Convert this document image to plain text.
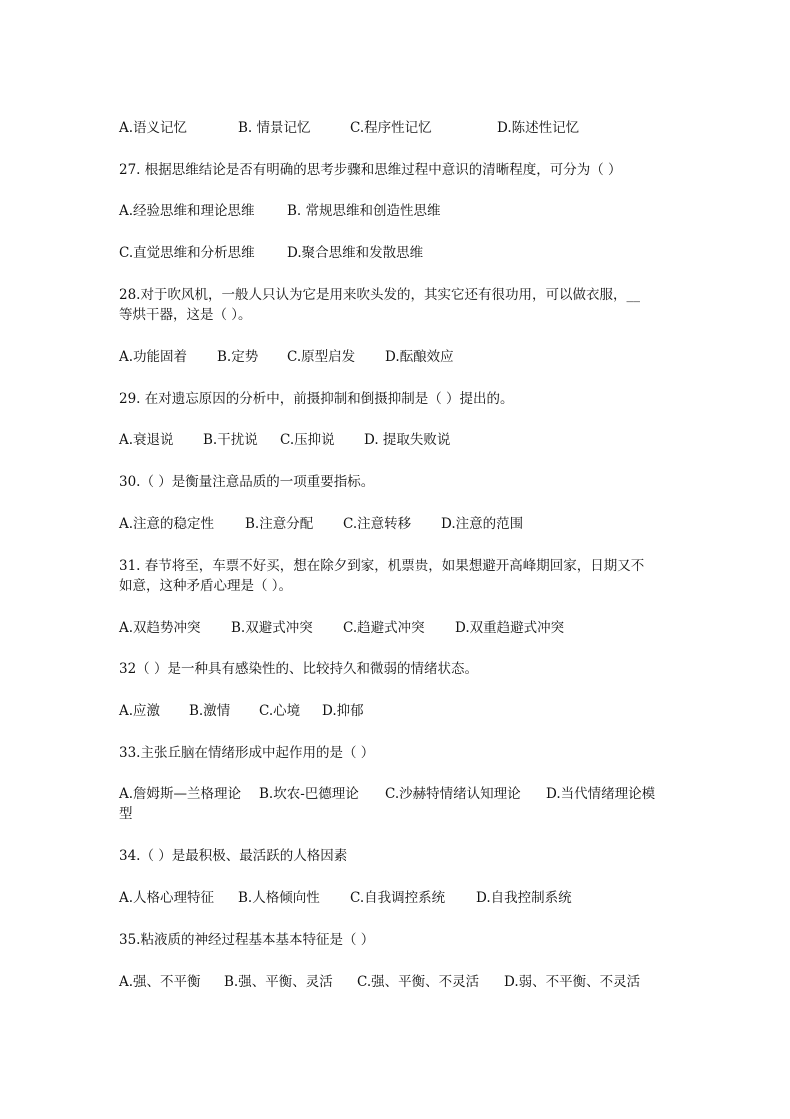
A.语义记忆	B. 情景记忆	C.程序性记忆	D.陈述性记忆
27. 根据思维结论是否有明确的思考步骤和思维过程中意识的清晰程度，可分为（ ）
A.经验思维和理论思维 B. 常规思维和创造性思维
C.直觉思维和分析思维 D.聚合思维和发散思维
28.对于吹风机，一般人只认为它是用来吹头发的，其实它还有很功用，可以做衣服，__
等烘干器，这是（ ）。
A.功能固着 B.定势 C.原型启发 D.酝酿效应
29. 在对遗忘原因的分析中，前摄抑制和倒摄抑制是（ ）提出的。
A.衰退说 B.干扰说 C.压抑说 D. 提取失败说
30.（ ）是衡量注意品质的一项重要指标。
A.注意的稳定性 B.注意分配 C.注意转移 D.注意的范围
31. 春节将至，车票不好买，想在除夕到家，机票贵，如果想避开高峰期回家，日期又不
如意，这种矛盾心理是（ ）。
A.双趋势冲突 B.双避式冲突 C.趋避式冲突 D.双重趋避式冲突
32（ ）是一种具有感染性的、比较持久和微弱的情绪状态。
A.应激 B.激情 C.心境 D.抑郁
33.主张丘脑在情绪形成中起作用的是（ ）
A.詹姆斯—兰格理论 B.坎农-巴德理论 C.沙赫特情绪认知理论 D.当代情绪理论模
型
34.（ ）是最积极、最活跃的人格因素
A.人格心理特征 B.人格倾向性 C.自我调控系统 D.自我控制系统
35.粘液质的神经过程基本基本特征是（ ）
A.强、不平衡 B.强、平衡、灵活 C.强、平衡、不灵活 D.弱、不平衡、不灵活
